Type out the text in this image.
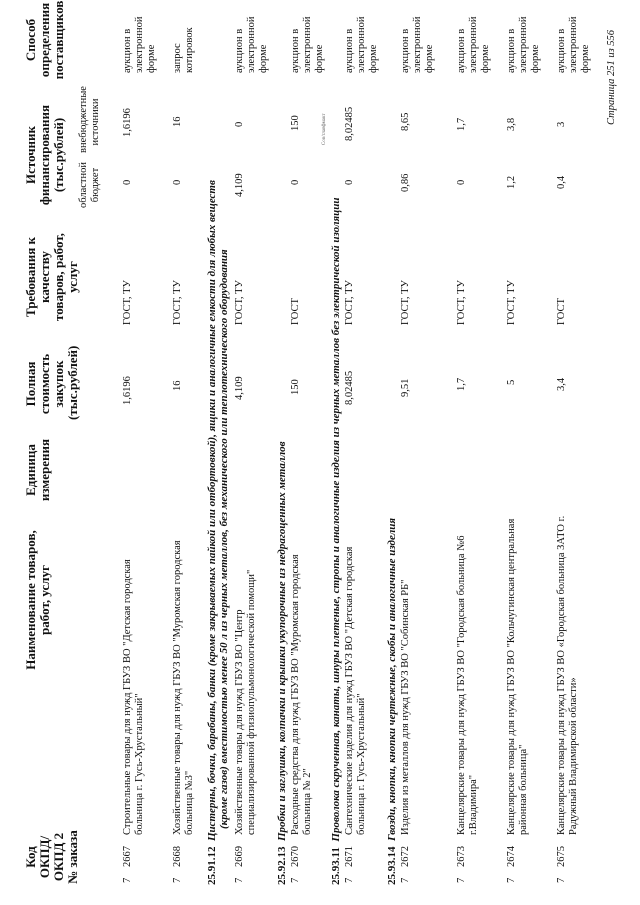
Код ОКПД/ ОКПД 2 № заказа
Наименование товаров, работ, услуг
Единица измерения
Полная стоимость закупок (тыс.рублей)
Требования к качеству товаров, работ, услуг
Источник финансирования (тыс.рублей) областной бюджет
внебюджетные источники
Способ определения поставщиков
7
2667
Строительные товары для нужд ГБУЗ ВО "Детская городская больница г. Гусь-Хрустальный"
1,6196
ГОСТ, ТУ
0
1,6196
аукцион в электронной форме
7
2668
Хозяйственные товары для нужд ГБУЗ ВО "Муромская городская больница №3"
16
ГОСТ, ТУ
0
16
запрос котировок
25.91.12  Цистерны, бочки, барабаны, банки (кроме закрываемых пайкой или отбортовкой), ящики и аналогичные емкости для любых веществ (кроме газов) вместимостью менее 50 л из черных металлов, без механического или теплотехнического оборудования
7
2669
Хозяйственные товары для нужд ГБУЗ ВО "Центр специализированной фтизиопульмонологической помощи"
4,109
ГОСТ, ТУ
4,109
0
аукцион в электронной форме
25.92.13  Пробки и заглушки, колпачки и крышки укупорочные из недрагоценных металлов
7
2670
Расходные средства для нужд ГБУЗ ВО "Муромская городская больница № 2"
150
ГОСТ
0
150
аукцион в электронной форме
25.93.11  Проволока скрученная, канаты, шнуры плетеные, стропы и аналогичные изделия из черных металлов без электрической изоляции
Сов/главфмакт
7
2671
Сантехнические изделия для нужд ГБУЗ ВО "Детская городская больница г. Гусь-Хрустальный"
8,02485
ГОСТ, ТУ
0
8,02485
аукцион в электронной форме
25.93.14  Гвозди, кнопки, кнопки чертежные, скобы и аналогичные изделия
7
2672
Изделия из металлов для нужд ГБУЗ ВО "Собинская РБ"
9,51
ГОСТ, ТУ
0,86
8,65
аукцион в электронной форме
7
2673
Канцелярские товары для нужд ГБУЗ ВО "Городская больница №6 г.Владимира"
1,7
ГОСТ, ТУ
0
1,7
аукцион в электронной форме
7
2674
Канцелярские товары для нужд ГБУЗ ВО "Кольчугинская центральная районная больница"
5
ГОСТ, ТУ
1,2
3,8
аукцион в электронной форме
7
2675
Канцелярские товары для нужд ГБУЗ ВО «Городская больница ЗАТО г. Радужный Владимирской области»
3,4
ГОСТ
0,4
3
аукцион в электронной форме Страница 251 из 556
